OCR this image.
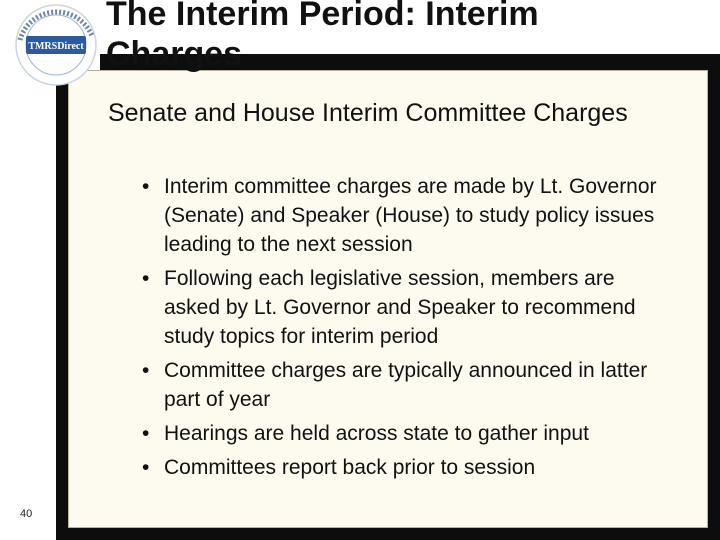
TMRSDirect
The Interim Period: Interim Charges
Senate and House Interim Committee Charges
• Interim committee charges are made by Lt. Governor (Senate) and Speaker (House) to study policy issues leading to the next session
• Following each legislative session, members are asked by Lt. Governor and Speaker to recommend study topics for interim period
• Committee charges are typically announced in latter part of year
• Hearings are held across state to gather input
• Committees report back prior to session
40
